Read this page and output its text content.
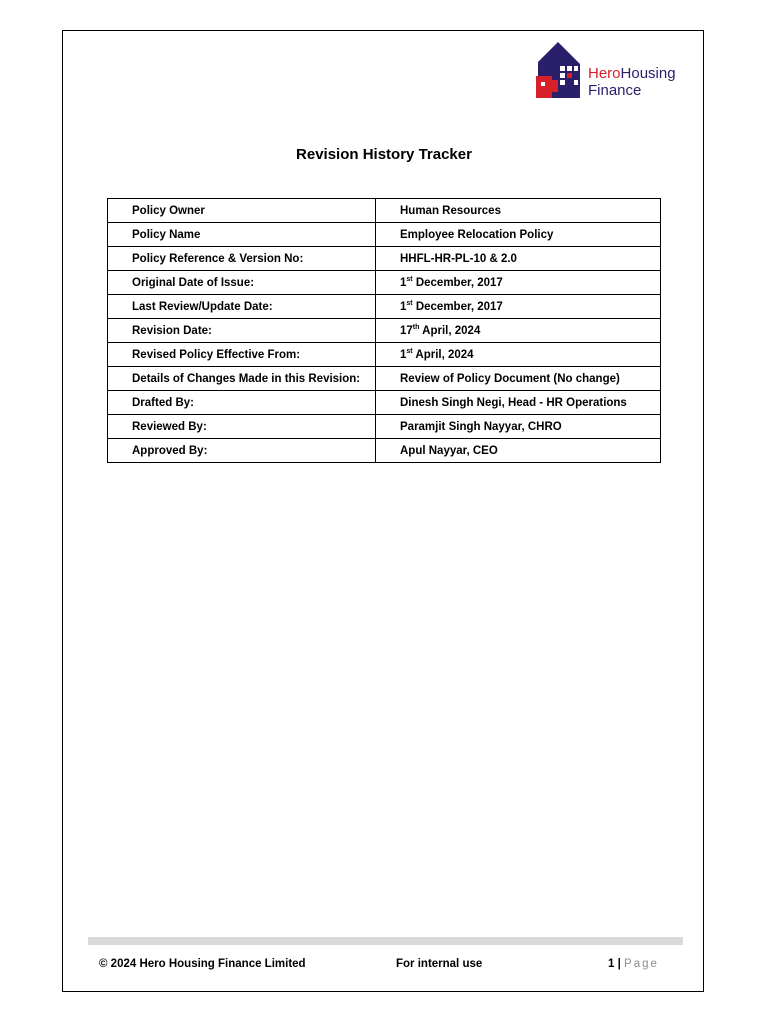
HeroHousing
Finance
Revision History Tracker
Policy Owner	Human Resources
Policy Name	Employee Relocation Policy
Policy Reference & Version No:	HHFL-HR-PL-10 & 2.0
Original Date of Issue:	1st December, 2017
Last Review/Update Date:	1st December, 2017
Revision Date:	17th April, 2024
Revised Policy Effective From:	1st April, 2024
Details of Changes Made in this Revision:	Review of Policy Document (No change)
Drafted By:	Dinesh Singh Negi, Head - HR Operations
Reviewed By:	Paramjit Singh Nayyar, CHRO
Approved By:	Apul Nayyar, CEO
© 2024 Hero Housing Finance Limited	For internal use	1 | Page
